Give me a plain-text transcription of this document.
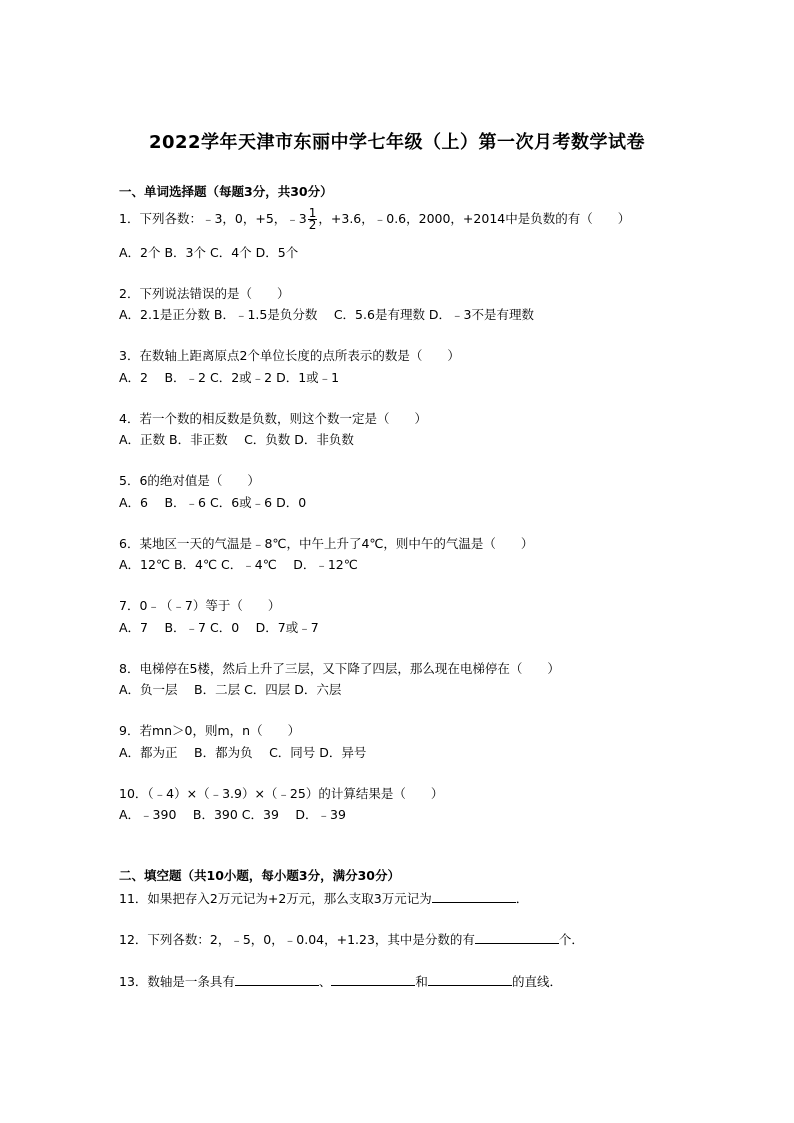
2022学年天津市东丽中学七年级（上）第一次月考数学试卷
一、单词选择题（每题3分，共30分）
1．下列各数：﹣3，0，+5，﹣3 $\frac{1}{2}$ ，+3.6，﹣0.6，2000，+2014中是负数的有（　　）
A．2个 B．3个 C．4个 D．5个
2．下列说法错误的是（　　）
A．2.1是正分数 B．﹣1.5是负分数　 C．5.6是有理数 D．﹣3不是有理数
3．在数轴上距离原点2个单位长度的点所表示的数是（　　）
A．2　 B．﹣2 C．2或﹣2 D．1或﹣1
4．若一个数的相反数是负数，则这个数一定是（　　）
A．正数 B．非正数　 C．负数 D．非负数
5．6的绝对值是（　　）
A．6　 B．﹣6 C．6或﹣6 D．0
6．某地区一天的气温是﹣8℃，中午上升了4℃，则中午的气温是（　　）
A．12℃ B．4℃ C．﹣4℃　 D．﹣12℃
7．0﹣（﹣7）等于（　　）
A．7　 B．﹣7 C．0　 D．7或﹣7
8．电梯停在5楼，然后上升了三层，又下降了四层，那么现在电梯停在（　　）
A．负一层　 B．二层 C．四层 D．六层
9．若mn＞0，则m，n（　　）
A．都为正　 B．都为负　 C．同号 D．异号
10．（﹣4）×（﹣3.9）×（﹣25）的计算结果是（　　）
A．﹣390　 B．390 C．39　 D．﹣39
二、填空题（共10小题，每小题3分，满分30分）
11．如果把存入2万元记为+2万元，那么支取3万元记为	．
12．下列各数：2，﹣5，0，﹣0.04，+1.23，其中是分数的有	个．
13．数轴是一条具有	、	和	的直线．
